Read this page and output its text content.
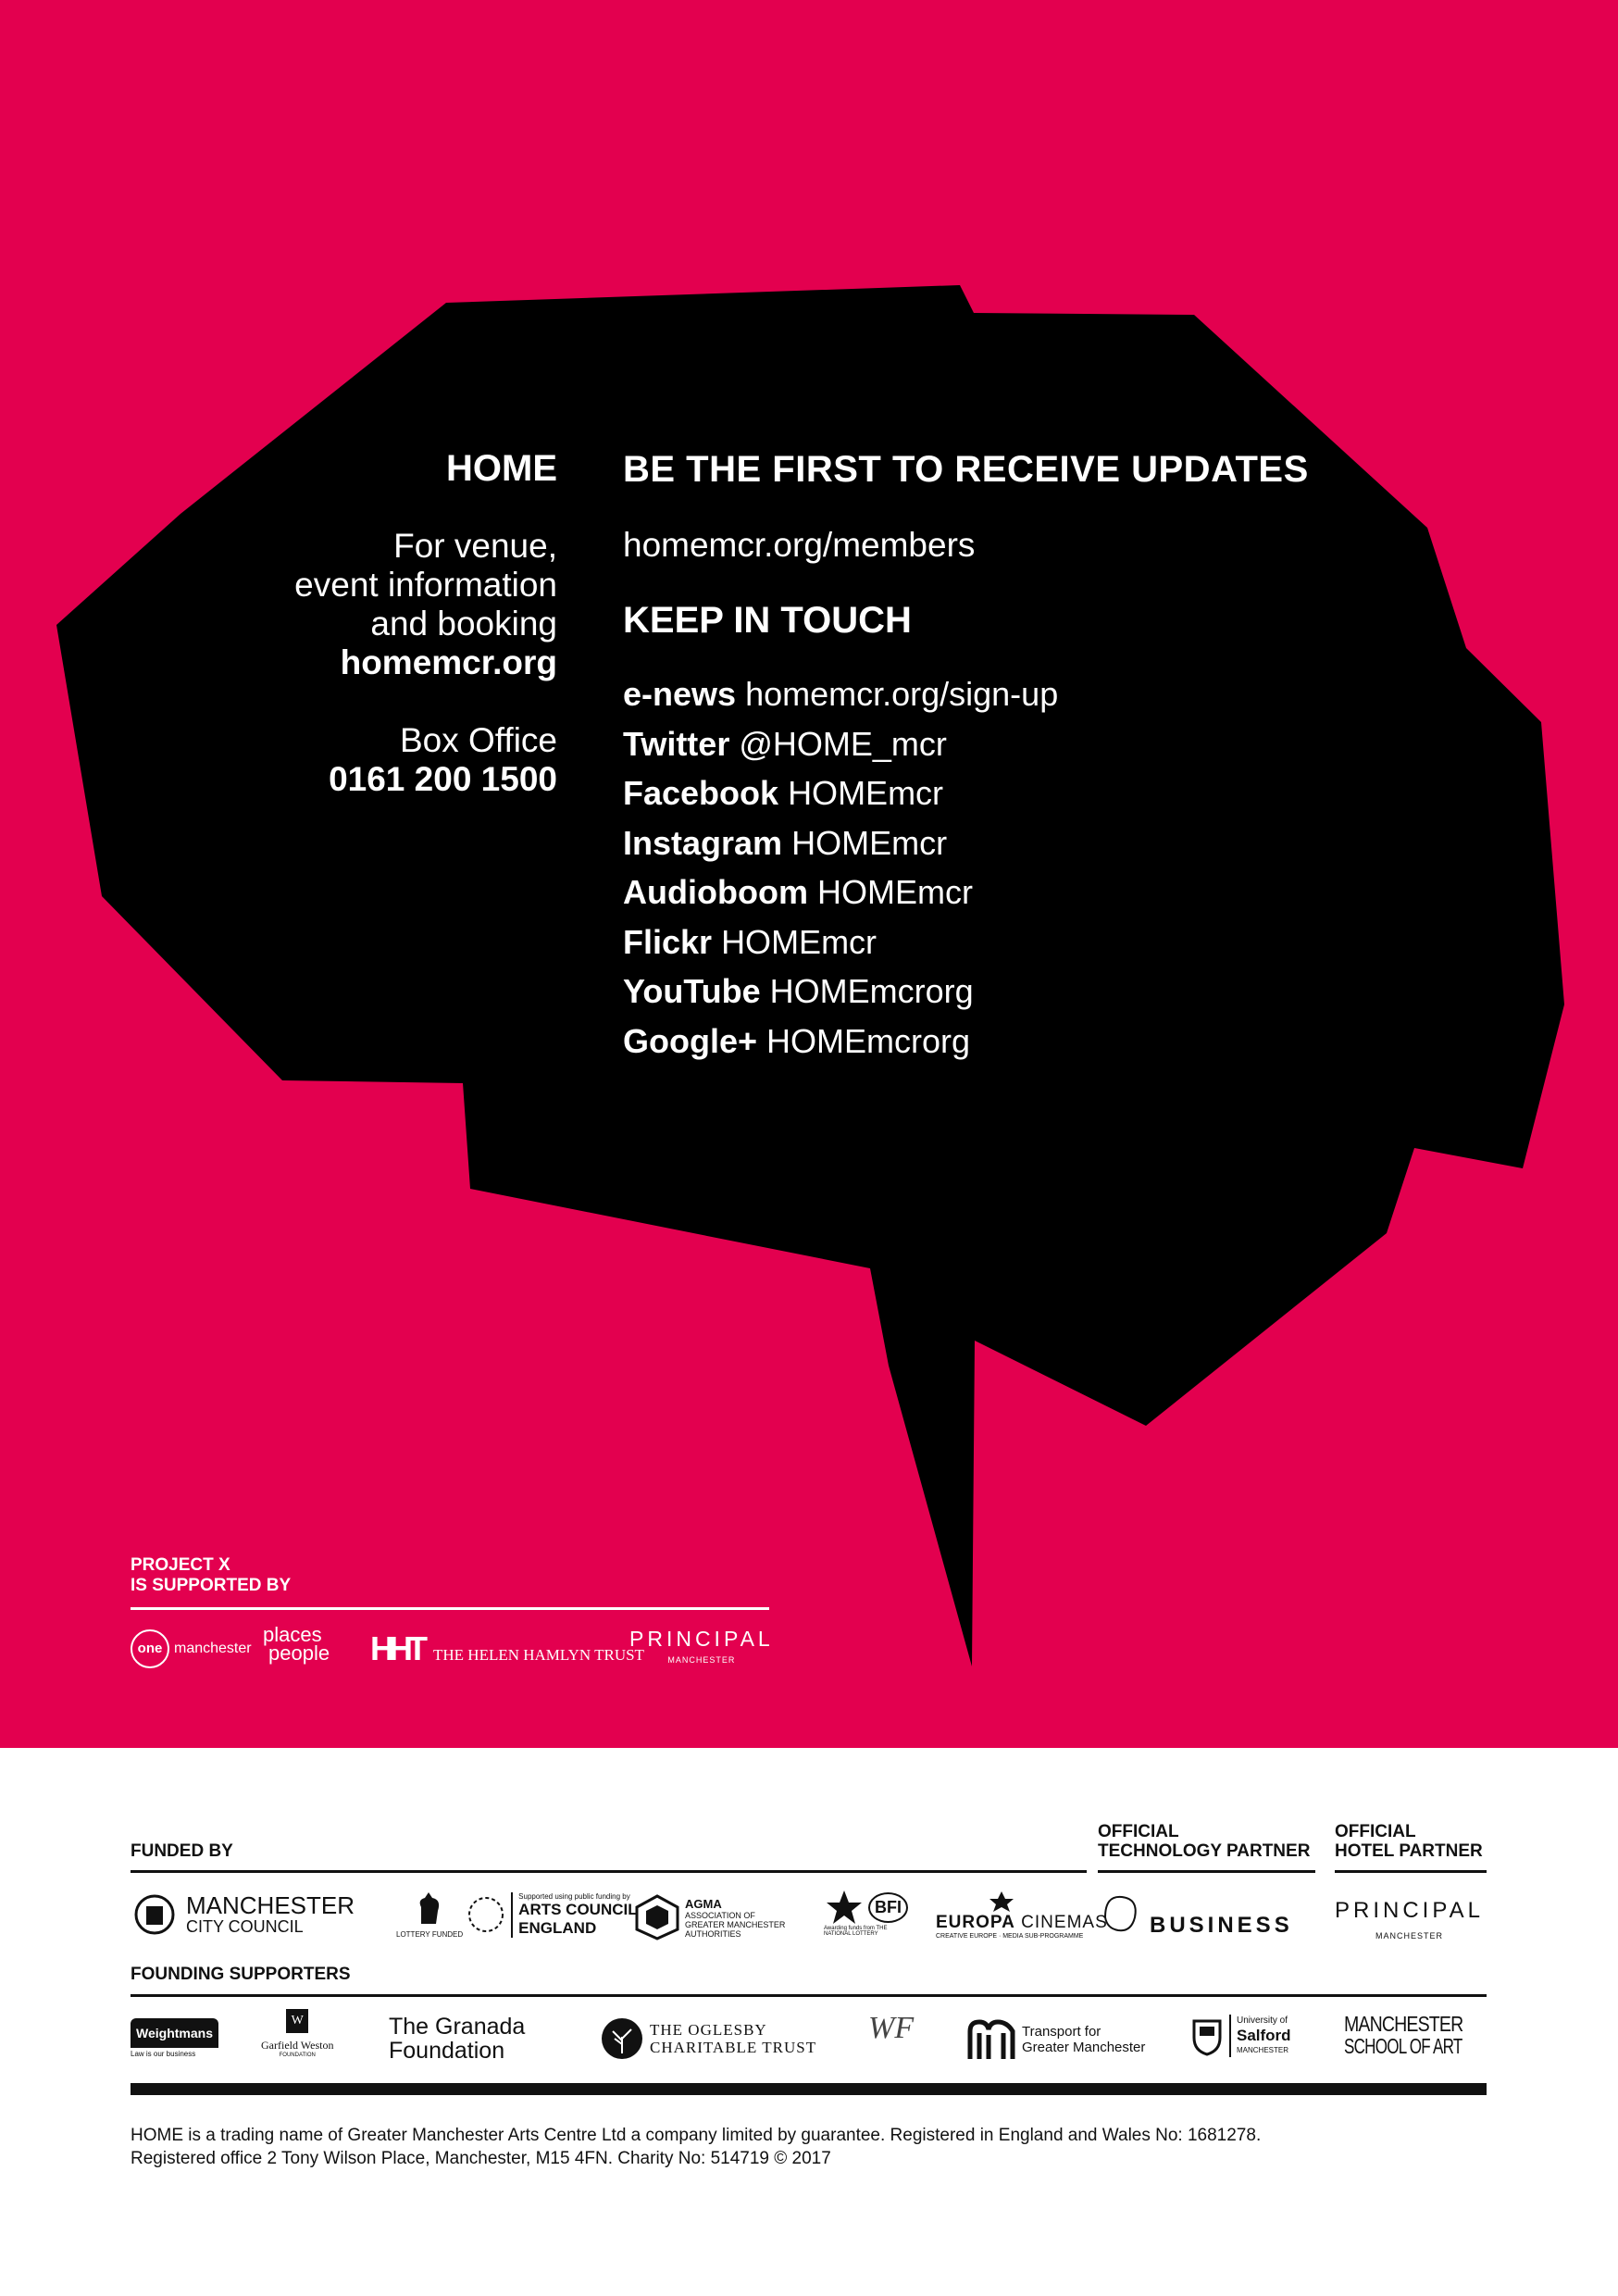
HOME
For venue,
event information
and booking
homemcr.org
Box Office
0161 200 1500
BE THE FIRST TO RECEIVE UPDATES
homemcr.org/members
KEEP IN TOUCH
e-news homemcr.org/sign-up
Twitter @HOME_mcr
Facebook HOMEmcr
Instagram HOMEmcr
Audioboom HOMEmcr
Flickr HOMEmcr
YouTube HOMEmcrorg
Google+ HOMEmcrorg
PROJECT X
IS SUPPORTED BY
one manchester
places
people HHT THE HELEN HAMLYN TRUST
PRINCIPAL
MANCHESTER
FUNDED BY
OFFICIAL
TECHNOLOGY PARTNER
OFFICIAL
HOTEL PARTNER
MANCHESTER
CITY COUNCIL	LOTTERY FUNDED
Supported using public funding by
ARTS COUNCIL
ENGLAND
AGMA
ASSOCIATION OF
GREATER MANCHESTER
AUTHORITIES
BFI
Awarding funds from THE NATIONAL LOTTERY
EUROPA CINEMAS
CREATIVE EUROPE · MEDIA SUB-PROGRAMME	BUSINESS
PRINCIPAL
MANCHESTER
FOUNDING SUPPORTERS
Weightmans
Law is our business
W
Garfield Weston
FOUNDATION
The Granada
Foundation
THE OGLESBY
CHARITABLE TRUST
WF	Transport for
Greater Manchester
University of
Salford
MANCHESTER
MANCHESTER
SCHOOL OF ART
HOME is a trading name of Greater Manchester Arts Centre Ltd a company limited by guarantee. Registered in England and Wales No: 1681278.
Registered office 2 Tony Wilson Place, Manchester, M15 4FN. Charity No: 514719 © 2017
